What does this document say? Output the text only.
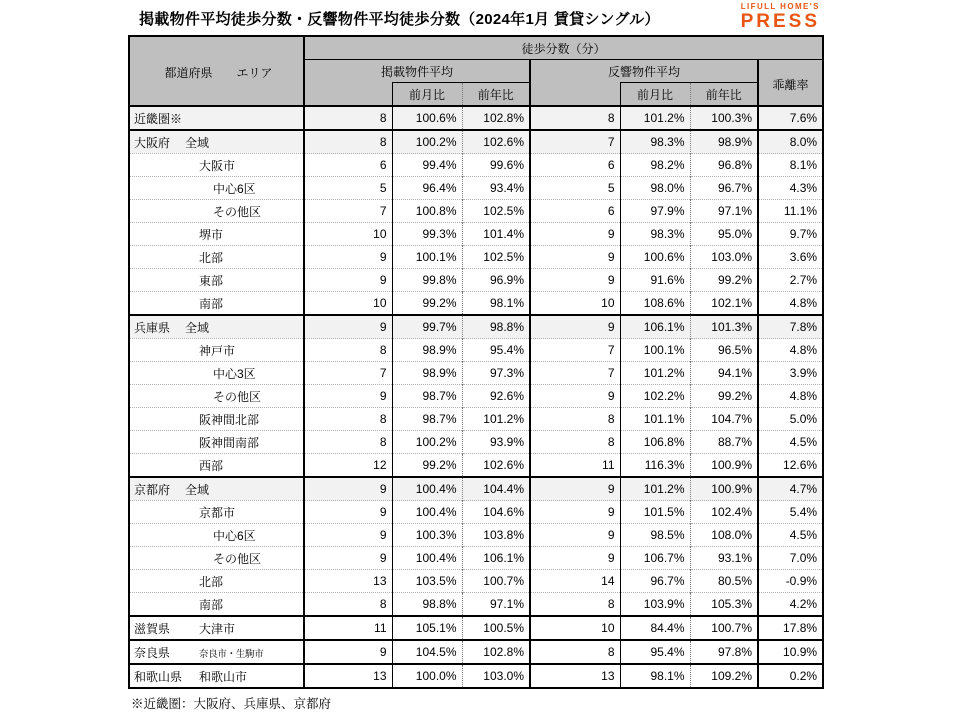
掲載物件平均徒歩分数・反響物件平均徒歩分数（2024年1月 賃貸シングル）
LIFULL HOME'S
PRESS
都道府県　　エリア	徒歩分数（分）						
	掲載物件平均			反響物件平均			乖離率
		前月比	前年比		前月比	前年比	
近畿圏※	8	100.6%	102.8%	8	101.2%	100.3%	7.6%
大阪府 全域	8	100.2%	102.6%	7	98.3%	98.9%	8.0%
大阪市	6	99.4%	99.6%	6	98.2%	96.8%	8.1%
中心6区	5	96.4%	93.4%	5	98.0%	96.7%	4.3%
その他区	7	100.8%	102.5%	6	97.9%	97.1%	11.1%
堺市	10	99.3%	101.4%	9	98.3%	95.0%	9.7%
北部	9	100.1%	102.5%	9	100.6%	103.0%	3.6%
東部	9	99.8%	96.9%	9	91.6%	99.2%	2.7%
南部	10	99.2%	98.1%	10	108.6%	102.1%	4.8%
兵庫県 全域	9	99.7%	98.8%	9	106.1%	101.3%	7.8%
神戸市	8	98.9%	95.4%	7	100.1%	96.5%	4.8%
中心3区	7	98.9%	97.3%	7	101.2%	94.1%	3.9%
その他区	9	98.7%	92.6%	9	102.2%	99.2%	4.8%
阪神間北部	8	98.7%	101.2%	8	101.1%	104.7%	5.0%
阪神間南部	8	100.2%	93.9%	8	106.8%	88.7%	4.5%
西部	12	99.2%	102.6%	11	116.3%	100.9%	12.6%
京都府 全域	9	100.4%	104.4%	9	101.2%	100.9%	4.7%
京都市	9	100.4%	104.6%	9	101.5%	102.4%	5.4%
中心6区	9	100.3%	103.8%	9	98.5%	108.0%	4.5%
その他区	9	100.4%	106.1%	9	106.7%	93.1%	7.0%
北部	13	103.5%	100.7%	14	96.7%	80.5%	-0.9%
南部	8	98.8%	97.1%	8	103.9%	105.3%	4.2%
滋賀県 大津市	11	105.1%	100.5%	10	84.4%	100.7%	17.8%
奈良県 奈良市・生駒市	9	104.5%	102.8%	8	95.4%	97.8%	10.9%
和歌山県 和歌山市	13	100.0%	103.0%	13	98.1%	109.2%	0.2%
※近畿圏：大阪府、兵庫県、京都府
